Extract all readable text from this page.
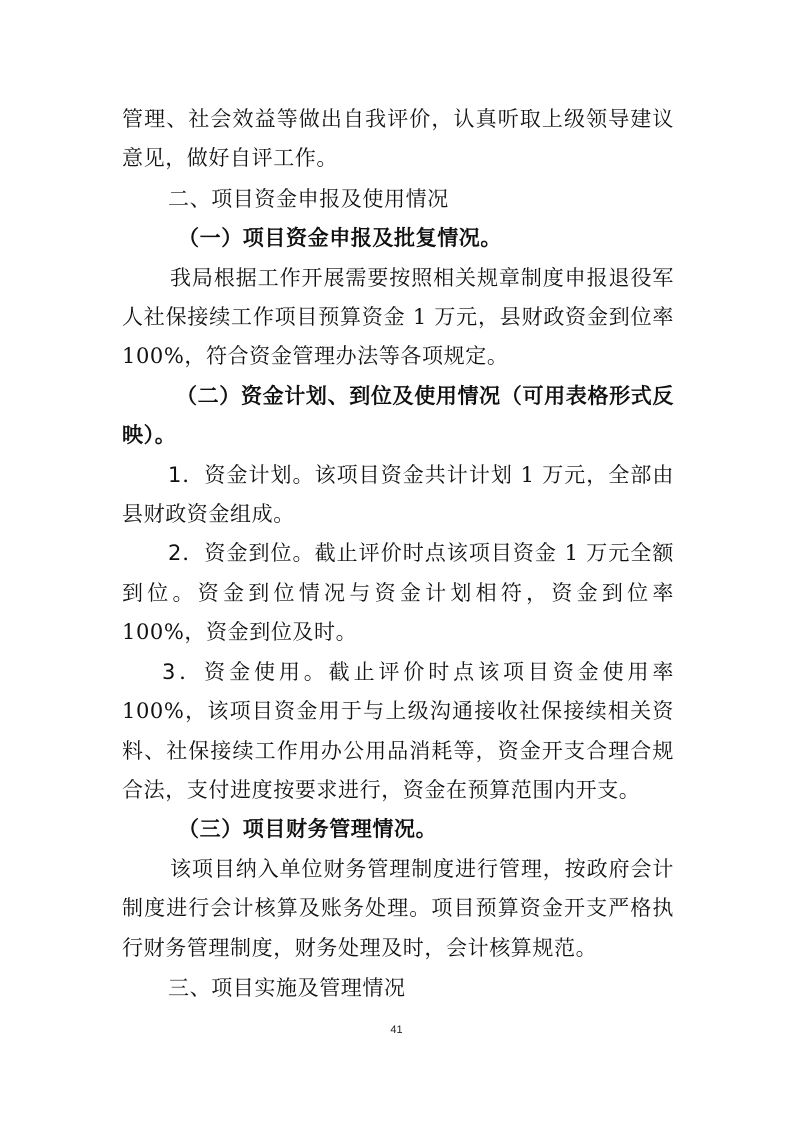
管理、社会效益等做出自我评价，认真听取上级领导建议意见，做好自评工作。

二、项目资金申报及使用情况

（一）项目资金申报及批复情况。

我局根据工作开展需要按照相关规章制度申报退役军人社保接续工作项目预算资金 1 万元，县财政资金到位率100%，符合资金管理办法等各项规定。

（二）资金计划、到位及使用情况（可用表格形式反映）。

1．资金计划。该项目资金共计计划 1 万元，全部由县财政资金组成。

2．资金到位。截止评价时点该项目资金 1 万元全额到位。资金到位情况与资金计划相符，资金到位率 100%，资金到位及时。

3．资金使用。截止评价时点该项目资金使用率 100%，该项目资金用于与上级沟通接收社保接续相关资料、社保接续工作用办公用品消耗等，资金开支合理合规合法，支付进度按要求进行，资金在预算范围内开支。

（三）项目财务管理情况。

该项目纳入单位财务管理制度进行管理，按政府会计制度进行会计核算及账务处理。项目预算资金开支严格执行财务管理制度，财务处理及时，会计核算规范。

三、项目实施及管理情况

41
